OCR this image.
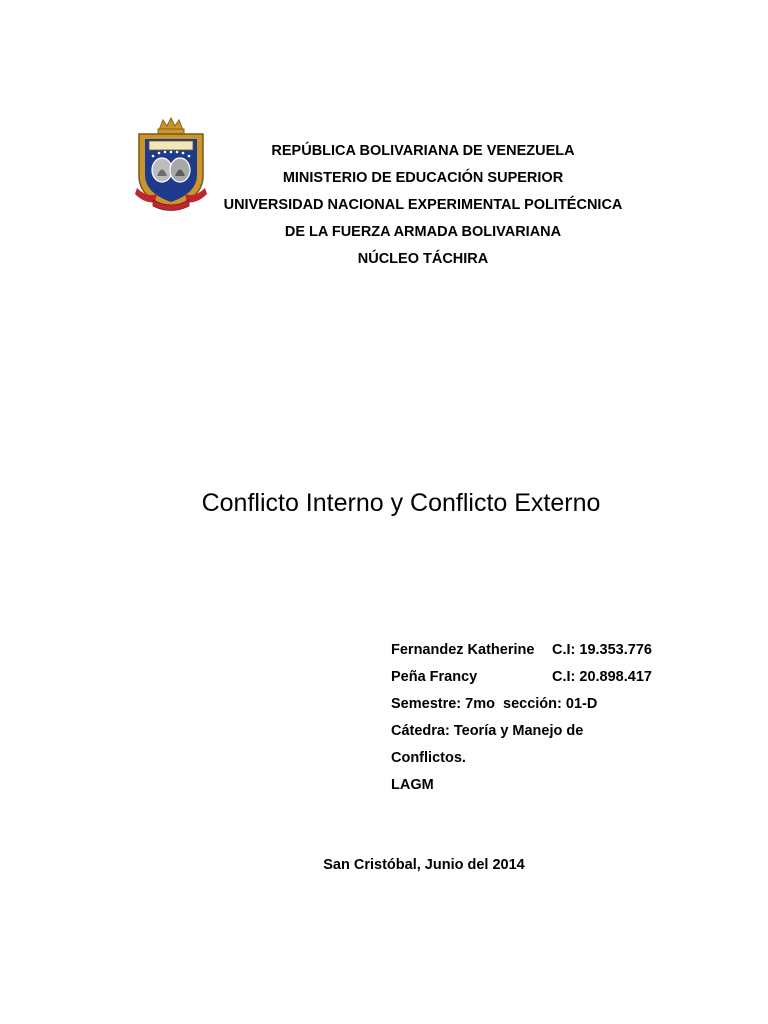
REPÚBLICA BOLIVARIANA DE VENEZUELA
MINISTERIO DE EDUCACIÓN SUPERIOR
UNIVERSIDAD NACIONAL EXPERIMENTAL POLITÉCNICA
DE LA FUERZA ARMADA BOLIVARIANA
NÚCLEO TÁCHIRA
Conflicto Interno y Conflicto Externo
Fernandez Katherine C.I: 19.353.776
Peña Francy	C.I: 20.898.417
Semestre: 7mo  sección: 01-D
Cátedra: Teoría y Manejo de
Conflictos.
LAGM
San Cristóbal, Junio del 2014
